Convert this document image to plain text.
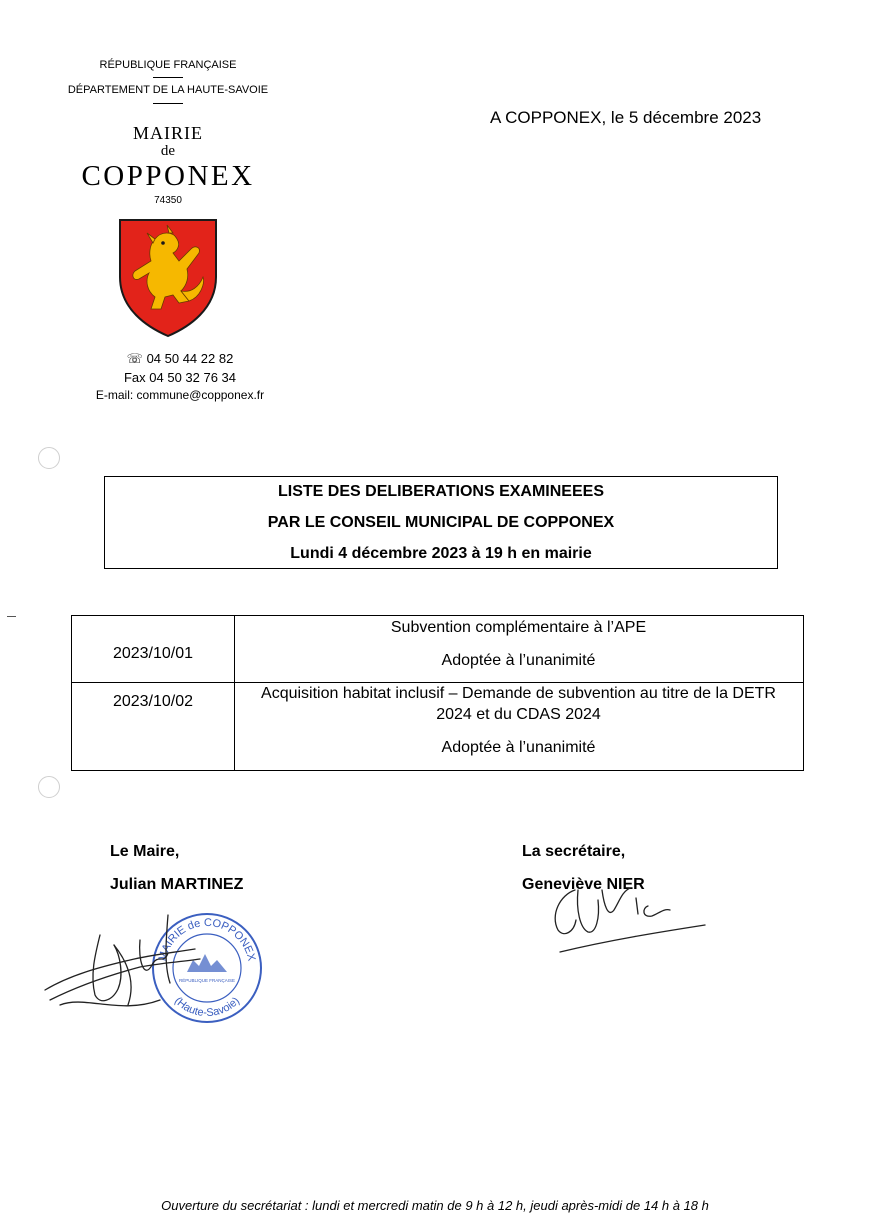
RÉPUBLIQUE FRANÇAISE
DÉPARTEMENT DE LA HAUTE-SAVOIE
MAIRIE
de
COPPONEX
74350
☏ 04 50 44 22 82
Fax 04 50 32 76 34
E-mail: commune@copponex.fr
A COPPONEX, le 5 décembre 2023
LISTE DES DELIBERATIONS EXAMINEEES
PAR LE CONSEIL MUNICIPAL DE COPPONEX
Lundi 4 décembre 2023 à 19 h en mairie
2023/10/01
Subvention complémentaire à l’APE
Adoptée à l’unanimité
2023/10/02	Acquisition habitat inclusif – Demande de subvention au titre de la DETR
2024 et du CDAS 2024
Adoptée à l’unanimité
Le Maire,
Julian MARTINEZ
La secrétaire,
Geneviève NIER
MAIRIE de COPPONEX
(Haute-Savoie)
RÉPUBLIQUE FRANÇAISE
Ouverture du secrétariat : lundi et mercredi matin de 9 h à 12 h, jeudi après-midi de 14 h à 18 h
